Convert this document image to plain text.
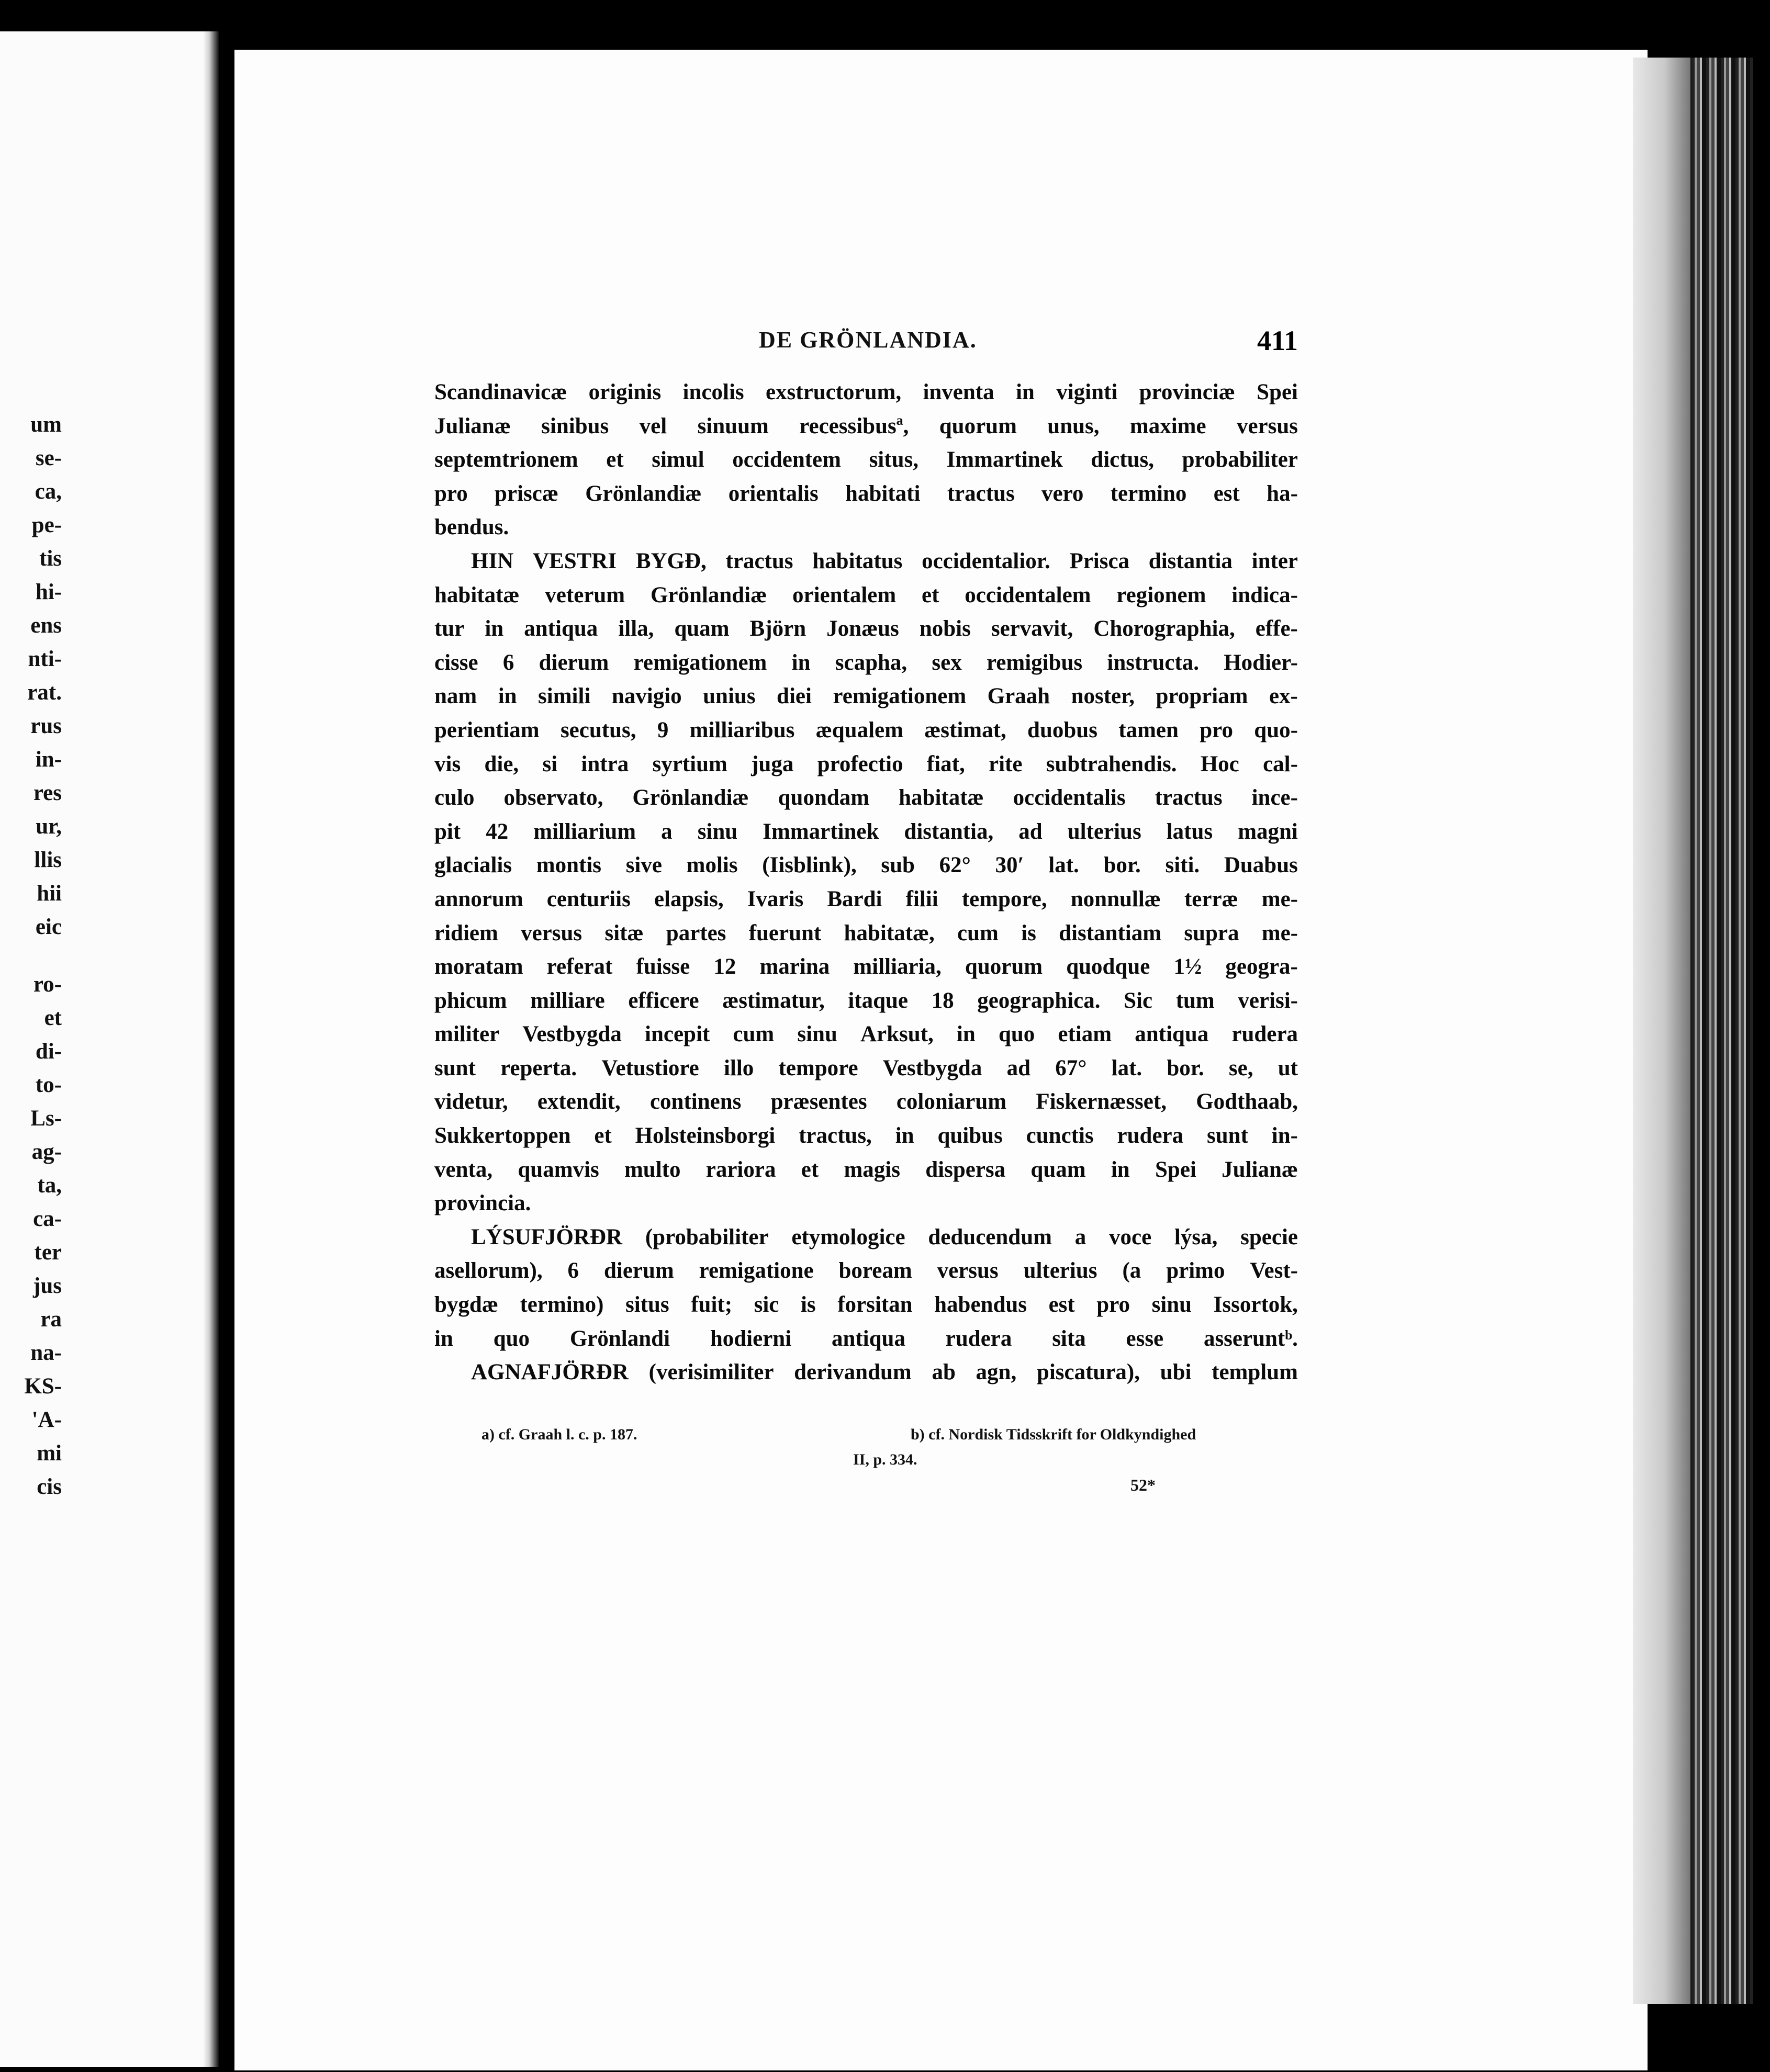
um
se-
ca,
pe-
tis
hi-
ens
nti-
rat.
rus
in-
res
ur,
llis
hii
eic
ro-
et
di-
to-
Ls-
ag-
ta,
ca-
ter
jus
ra
na-
KS-
'A-
mi
cis
DE GRÖNLANDIA.	411
Scandinavicæ originis incolis exstructorum, inventa in viginti provinciæ Spei
Julianæ sinibus vel sinuum recessibusª, quorum unus, maxime versus
septemtrionem et simul occidentem situs, Immartinek dictus, probabiliter
pro priscæ Grönlandiæ orientalis habitati tractus vero termino est ha-
bendus.
HIN VESTRI BYGÐ, tractus habitatus occidentalior. Prisca distantia inter
habitatæ veterum Grönlandiæ orientalem et occidentalem regionem indica-
tur in antiqua illa, quam Björn Jonæus nobis servavit, Chorographia, effe-
cisse 6 dierum remigationem in scapha, sex remigibus instructa. Hodier-
nam in simili navigio unius diei remigationem Graah noster, propriam ex-
perientiam secutus, 9 milliaribus æqualem æstimat, duobus tamen pro quo-
vis die, si intra syrtium juga profectio fiat, rite subtrahendis. Hoc cal-
culo observato, Grönlandiæ quondam habitatæ occidentalis tractus ince-
pit 42 milliarium a sinu Immartinek distantia, ad ulterius latus magni
glacialis montis sive molis (Iisblink), sub 62° 30′ lat. bor. siti. Duabus
annorum centuriis elapsis, Ivaris Bardi filii tempore, nonnullæ terræ me-
ridiem versus sitæ partes fuerunt habitatæ, cum is distantiam supra me-
moratam referat fuisse 12 marina milliaria, quorum quodque 1½ geogra-
phicum milliare efficere æstimatur, itaque 18 geographica. Sic tum verisi-
militer Vestbygda incepit cum sinu Arksut, in quo etiam antiqua rudera
sunt reperta. Vetustiore illo tempore Vestbygda ad 67° lat. bor. se, ut
videtur, extendit, continens præsentes coloniarum Fiskernæsset, Godthaab,
Sukkertoppen et Holsteinsborgi tractus, in quibus cunctis rudera sunt in-
venta, quamvis multo rariora et magis dispersa quam in Spei Julianæ
provincia.
LÝSUFJÖRÐR (probabiliter etymologice deducendum a voce lýsa, specie
asellorum), 6 dierum remigatione boream versus ulterius (a primo Vest-
bygdæ termino) situs fuit; sic is forsitan habendus est pro sinu Issortok,
in quo Grönlandi hodierni antiqua rudera sita esse asseruntᵇ.
AGNAFJÖRÐR (verisimiliter derivandum ab agn, piscatura), ubi templum
a) cf. Graah l. c. p. 187.	b) cf. Nordisk Tidsskrift for Oldkyndighed
II, p. 334.
52*
